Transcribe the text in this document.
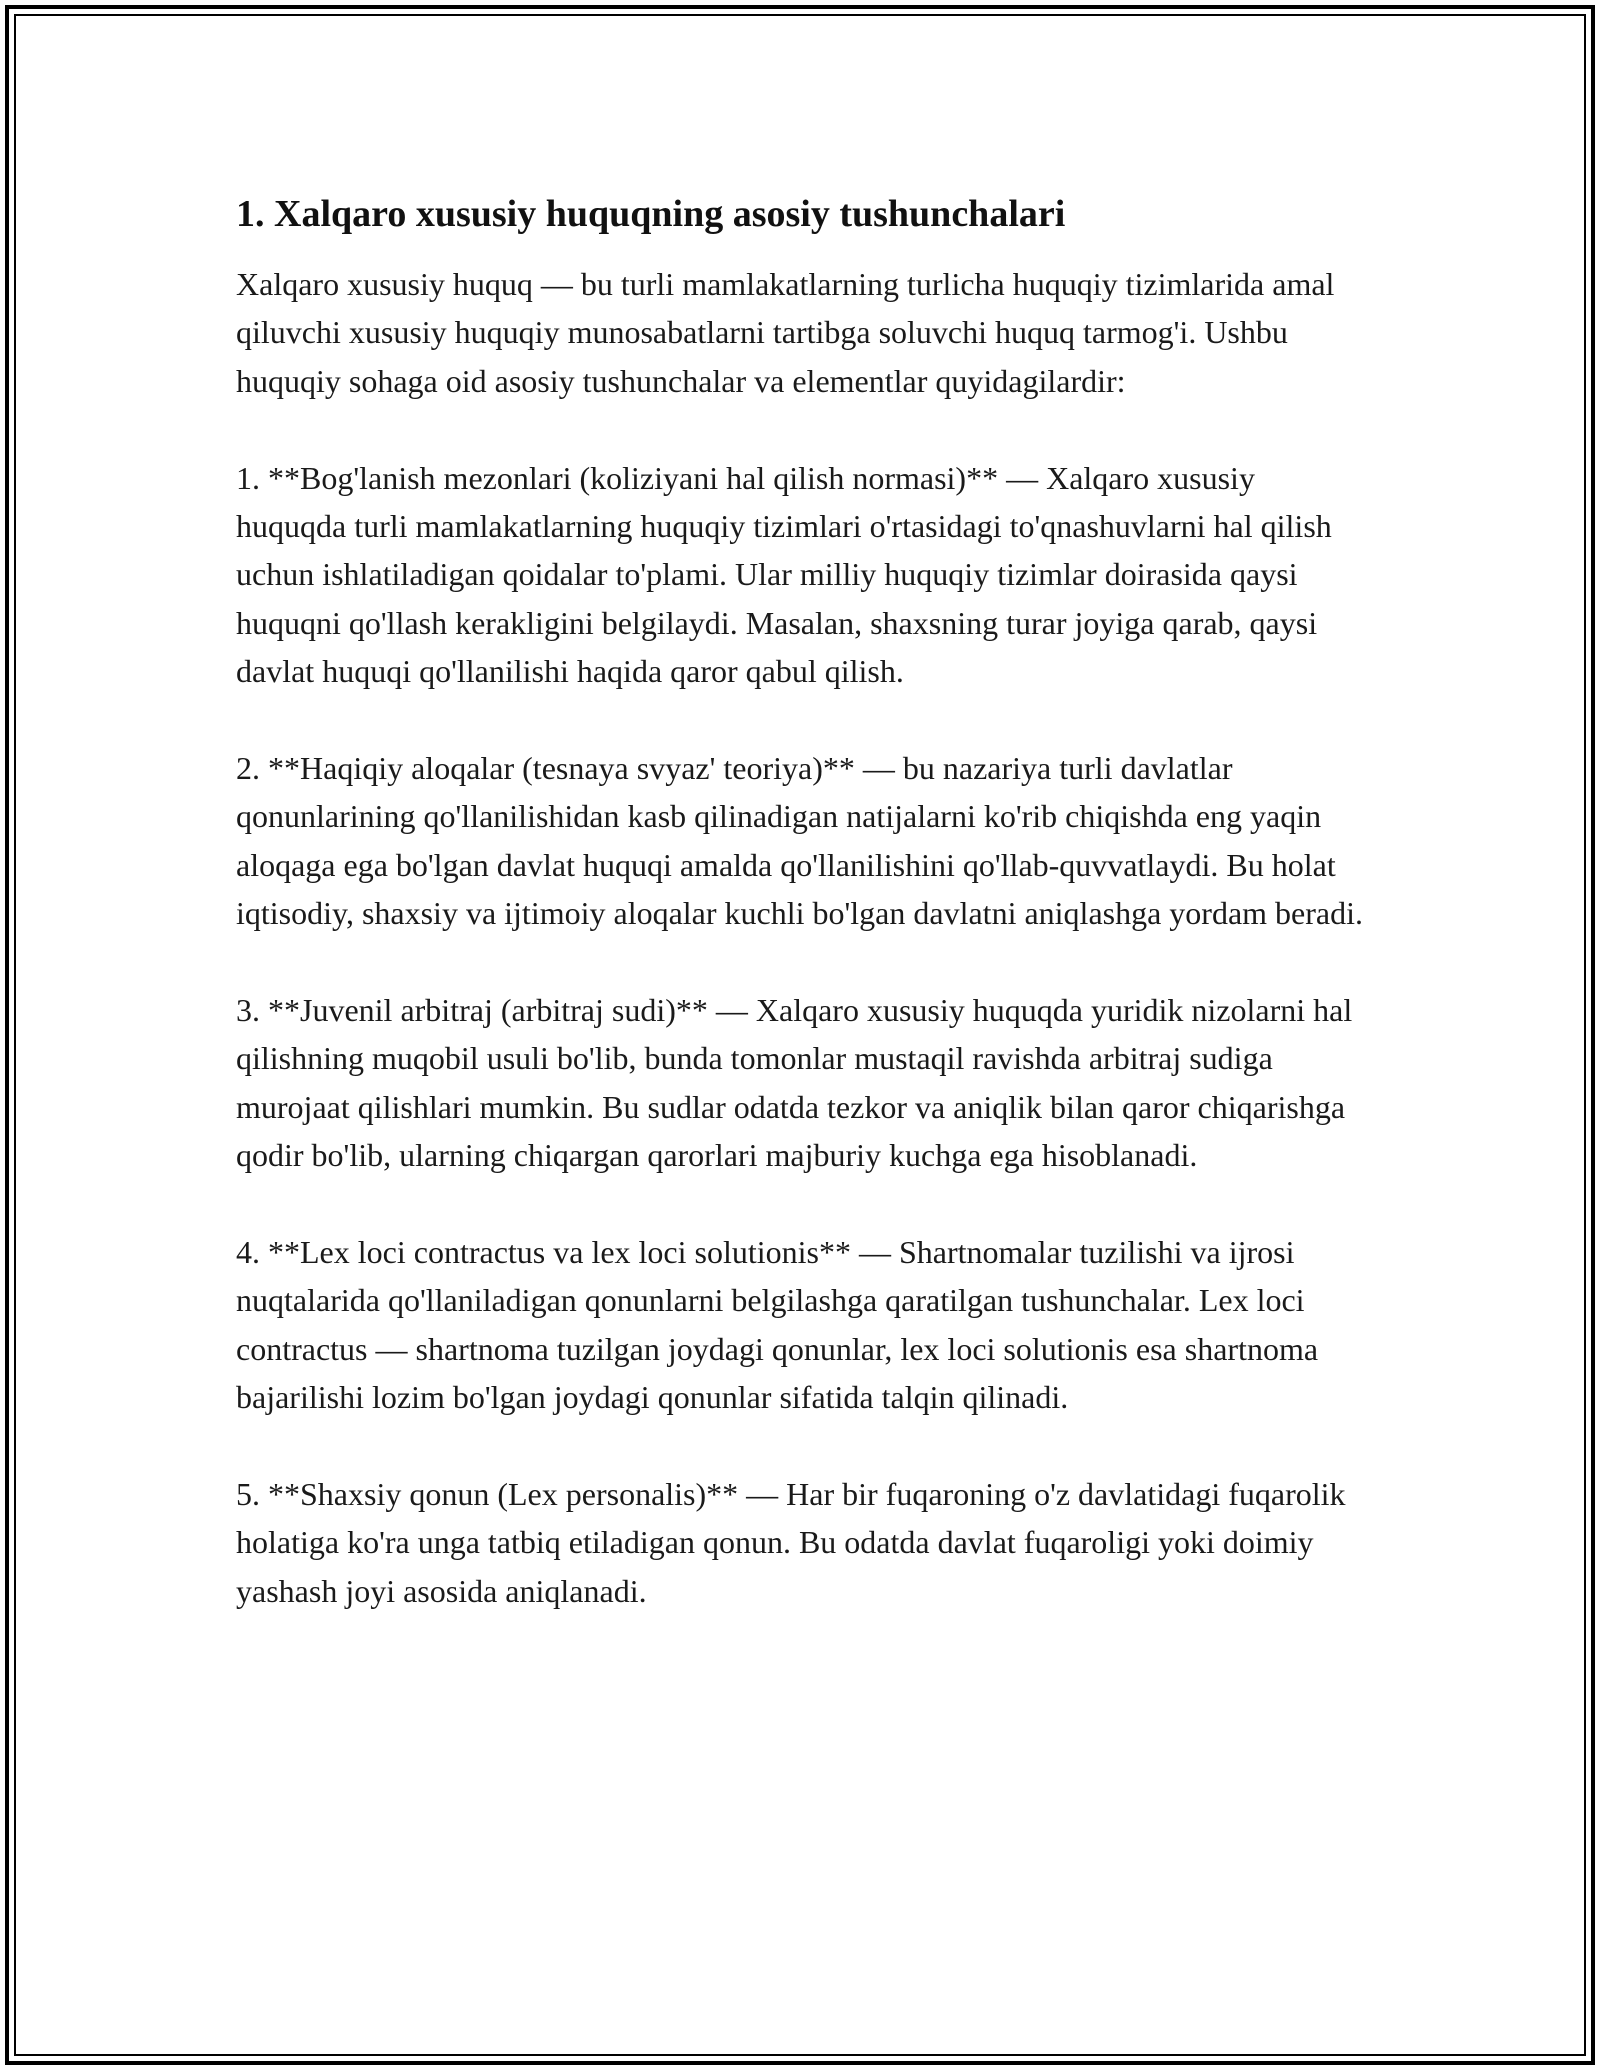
1. Xalqaro xususiy huquqning asosiy tushunchalari

Xalqaro xususiy huquq — bu turli mamlakatlarning turlicha huquqiy tizimlarida amal qiluvchi xususiy huquqiy munosabatlarni tartibga soluvchi huquq tarmog'i. Ushbu huquqiy sohaga oid asosiy tushunchalar va elementlar quyidagilardir:

1. **Bog'lanish mezonlari (koliziyani hal qilish normasi)** — Xalqaro xususiy huquqda turli mamlakatlarning huquqiy tizimlari o'rtasidagi to'qnashuvlarni hal qilish uchun ishlatiladigan qoidalar to'plami. Ular milliy huquqiy tizimlar doirasida qaysi huquqni qo'llash kerakligini belgilaydi. Masalan, shaxsning turar joyiga qarab, qaysi davlat huquqi qo'llanilishi haqida qaror qabul qilish.

2. **Haqiqiy aloqalar (tesnaya svyaz' teoriya)** — bu nazariya turli davlatlar qonunlarining qo'llanilishidan kasb qilinadigan natijalarni ko'rib chiqishda eng yaqin aloqaga ega bo'lgan davlat huquqi amalda qo'llanilishini qo'llab-quvvatlaydi. Bu holat iqtisodiy, shaxsiy va ijtimoiy aloqalar kuchli bo'lgan davlatni aniqlashga yordam beradi.

3. **Juvenil arbitraj (arbitraj sudi)** — Xalqaro xususiy huquqda yuridik nizolarni hal qilishning muqobil usuli bo'lib, bunda tomonlar mustaqil ravishda arbitraj sudiga murojaat qilishlari mumkin. Bu sudlar odatda tezkor va aniqlik bilan qaror chiqarishga qodir bo'lib, ularning chiqargan qarorlari majburiy kuchga ega hisoblanadi.

4. **Lex loci contractus va lex loci solutionis** — Shartnomalar tuzilishi va ijrosi nuqtalarida qo'llaniladigan qonunlarni belgilashga qaratilgan tushunchalar. Lex loci contractus — shartnoma tuzilgan joydagi qonunlar, lex loci solutionis esa shartnoma bajarilishi lozim bo'lgan joydagi qonunlar sifatida talqin qilinadi.

5. **Shaxsiy qonun (Lex personalis)** — Har bir fuqaroning o'z davlatidagi fuqarolik holatiga ko'ra unga tatbiq etiladigan qonun. Bu odatda davlat fuqaroligi yoki doimiy yashash joyi asosida aniqlanadi.
